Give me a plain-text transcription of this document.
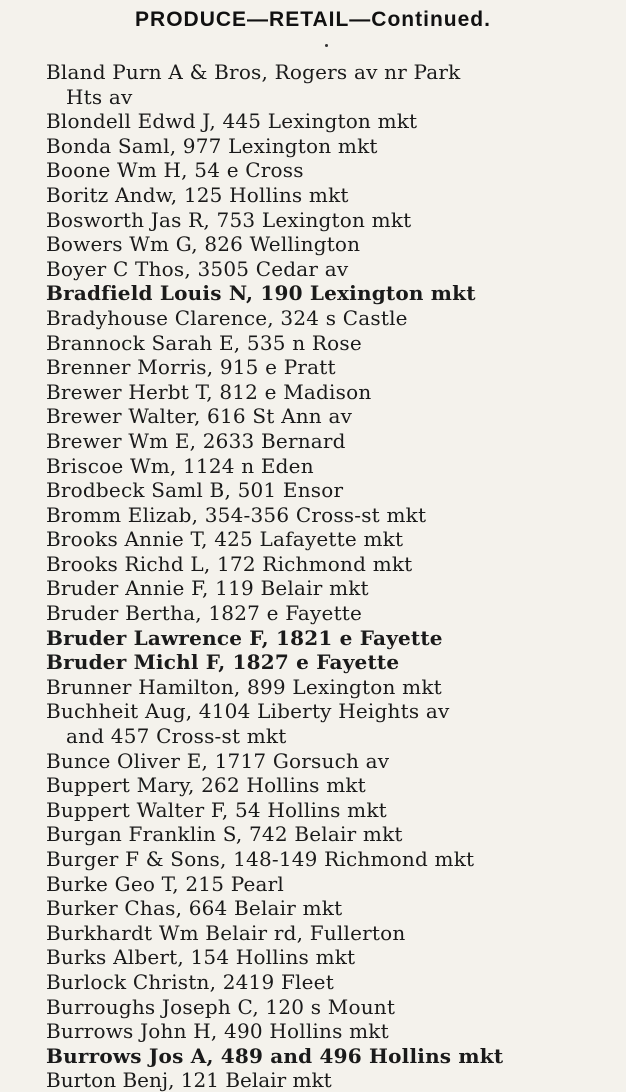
PRODUCE—RETAIL—Continued.
Bland Purn A & Bros, Rogers av nr Park
Hts av
Blondell Edwd J, 445 Lexington mkt
Bonda Saml, 977 Lexington mkt
Boone Wm H, 54 e Cross
Boritz Andw, 125 Hollins mkt
Bosworth Jas R, 753 Lexington mkt
Bowers Wm G, 826 Wellington
Boyer C Thos, 3505 Cedar av
Bradfield Louis N, 190 Lexington mkt
Bradyhouse Clarence, 324 s Castle
Brannock Sarah E, 535 n Rose
Brenner Morris, 915 e Pratt
Brewer Herbt T, 812 e Madison
Brewer Walter, 616 St Ann av
Brewer Wm E, 2633 Bernard
Briscoe Wm, 1124 n Eden
Brodbeck Saml B, 501 Ensor
Bromm Elizab, 354-356 Cross-st mkt
Brooks Annie T, 425 Lafayette mkt
Brooks Richd L, 172 Richmond mkt
Bruder Annie F, 119 Belair mkt
Bruder Bertha, 1827 e Fayette
Bruder Lawrence F, 1821 e Fayette
Bruder Michl F, 1827 e Fayette
Brunner Hamilton, 899 Lexington mkt
Buchheit Aug, 4104 Liberty Heights av
and 457 Cross-st mkt
Bunce Oliver E, 1717 Gorsuch av
Buppert Mary, 262 Hollins mkt
Buppert Walter F, 54 Hollins mkt
Burgan Franklin S, 742 Belair mkt
Burger F & Sons, 148-149 Richmond mkt
Burke Geo T, 215 Pearl
Burker Chas, 664 Belair mkt
Burkhardt Wm Belair rd, Fullerton
Burks Albert, 154 Hollins mkt
Burlock Christn, 2419 Fleet
Burroughs Joseph C, 120 s Mount
Burrows John H, 490 Hollins mkt
Burrows Jos A, 489 and 496 Hollins mkt
Burton Benj, 121 Belair mkt
